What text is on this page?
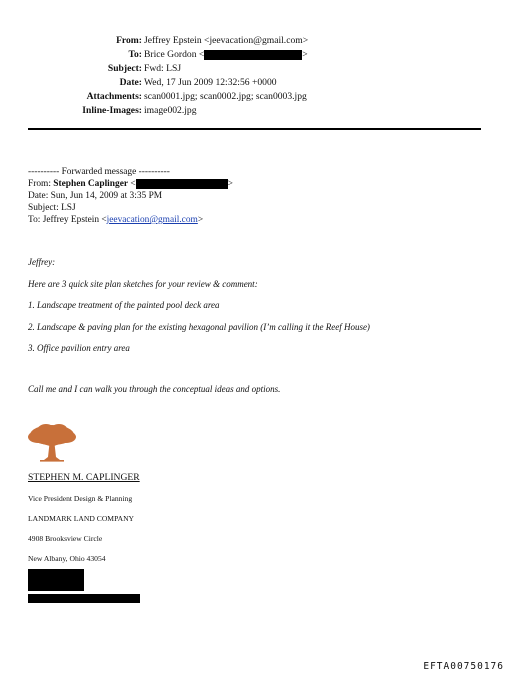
From: Jeffrey Epstein <jeevacation@gmail.com>
To: Brice Gordon <	>
Subject: Fwd: LSJ
Date: Wed, 17 Jun 2009 12:32:56 +0000
Attachments: scan0001.jpg; scan0002.jpg; scan0003.jpg
Inline-Images: image002.jpg
---------- Forwarded message ----------
From: Stephen Caplinger <	>
Date: Sun, Jun 14, 2009 at 3:35 PM
Subject: LSJ
To: Jeffrey Epstein <jeevacation@gmail.com>
Jeffrey:
Here are 3 quick site plan sketches for your review & comment:
1. Landscape treatment of the painted pool deck area
2. Landscape & paving plan for the existing hexagonal pavilion (I’m calling it the Reef House)
3. Office pavilion entry area
Call me and I can walk you through the conceptual ideas and options.
STEPHEN M. CAPLINGER
Vice President Design & Planning
LANDMARK LAND COMPANY
4908 Brooksview Circle
New Albany, Ohio 43054
EFTA00750176
